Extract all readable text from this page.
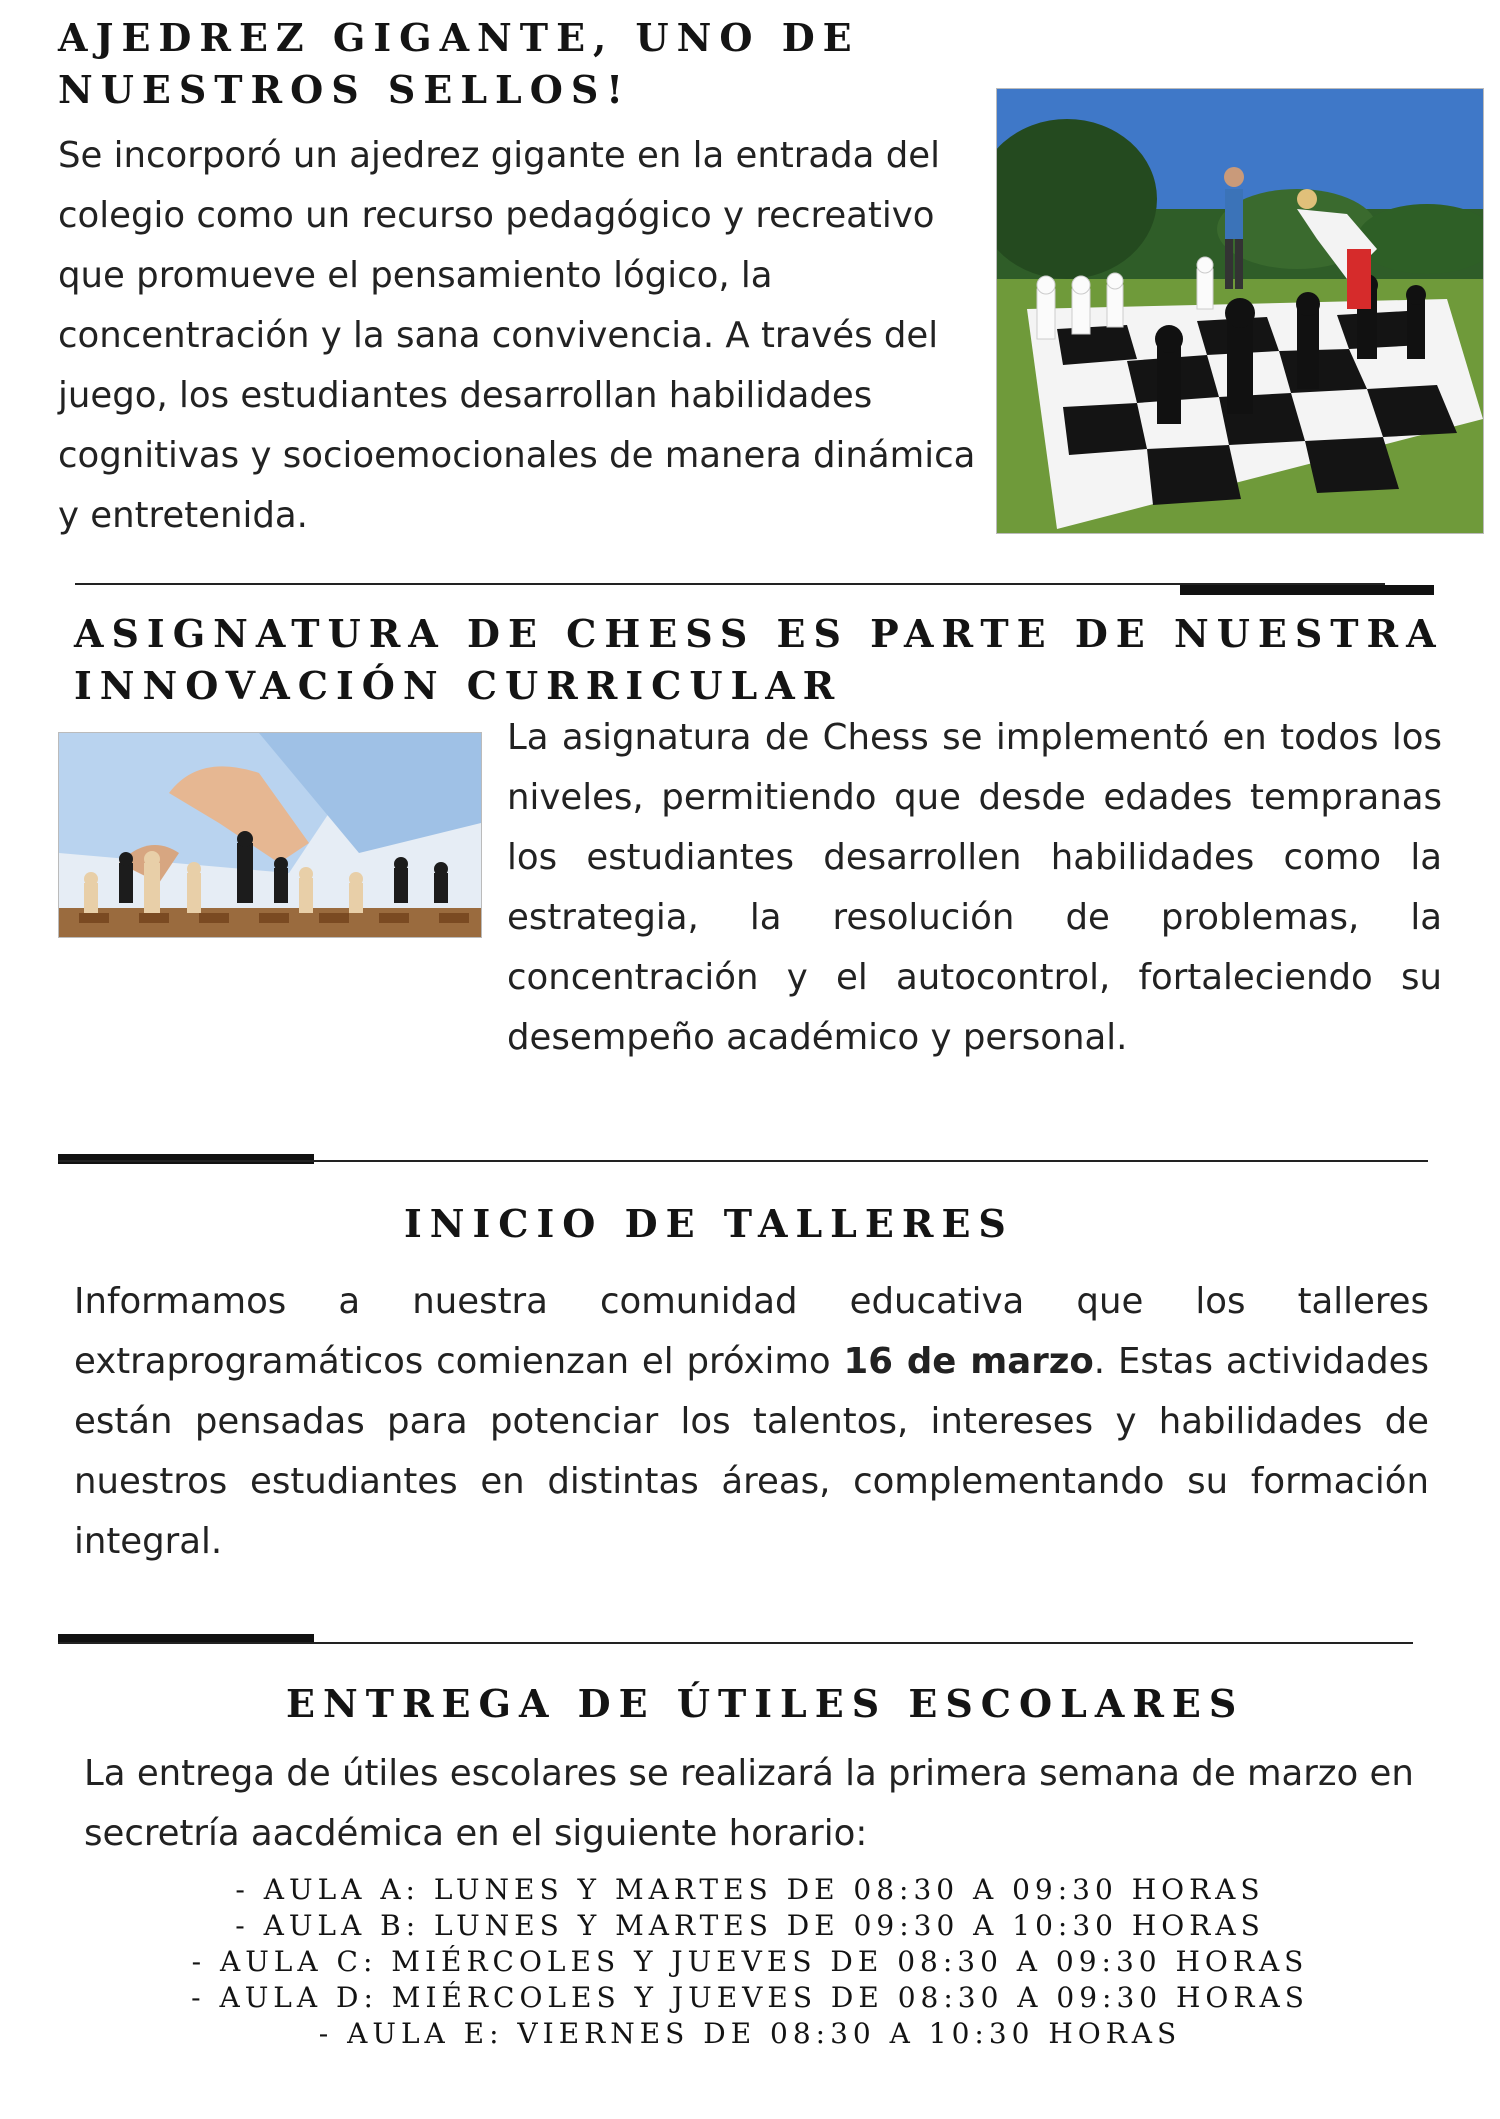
AJEDREZ GIGANTE, UNO DE
NUESTROS SELLOS!

Se incorporó un ajedrez gigante en la entrada del colegio como un recurso pedagógico y recreativo que promueve el pensamiento lógico, la concentración y la sana convivencia. A través del juego, los estudiantes desarrollan habilidades cognitivas y socioemocionales de manera dinámica y entretenida.

ASIGNATURA DE CHESS ES PARTE DE NUESTRA
INNOVACIÓN CURRICULAR

La asignatura de Chess se implementó en todos los niveles, permitiendo que desde edades tempranas los estudiantes desarrollen habilidades como la estrategia, la resolución de problemas, la concentración y el autocontrol, fortaleciendo su desempeño académico y personal.

INICIO DE TALLERES

Informamos a nuestra comunidad educativa que los talleres extraprogramáticos comienzan el próximo 16 de marzo. Estas actividades están pensadas para potenciar los talentos, intereses y habilidades de nuestros estudiantes en distintas áreas, complementando su formación integral.

ENTREGA DE ÚTILES ESCOLARES

La entrega de útiles escolares se realizará la primera semana de marzo en secretría aacdémica en el siguiente horario:

- AULA A: LUNES Y MARTES DE 08:30 A 09:30 HORAS

- AULA B: LUNES Y MARTES DE 09:30 A 10:30 HORAS

- AULA C: MIÉRCOLES Y JUEVES DE 08:30 A 09:30 HORAS

- AULA D: MIÉRCOLES Y JUEVES DE 08:30 A 09:30 HORAS

- AULA E: VIERNES DE 08:30 A 10:30 HORAS
